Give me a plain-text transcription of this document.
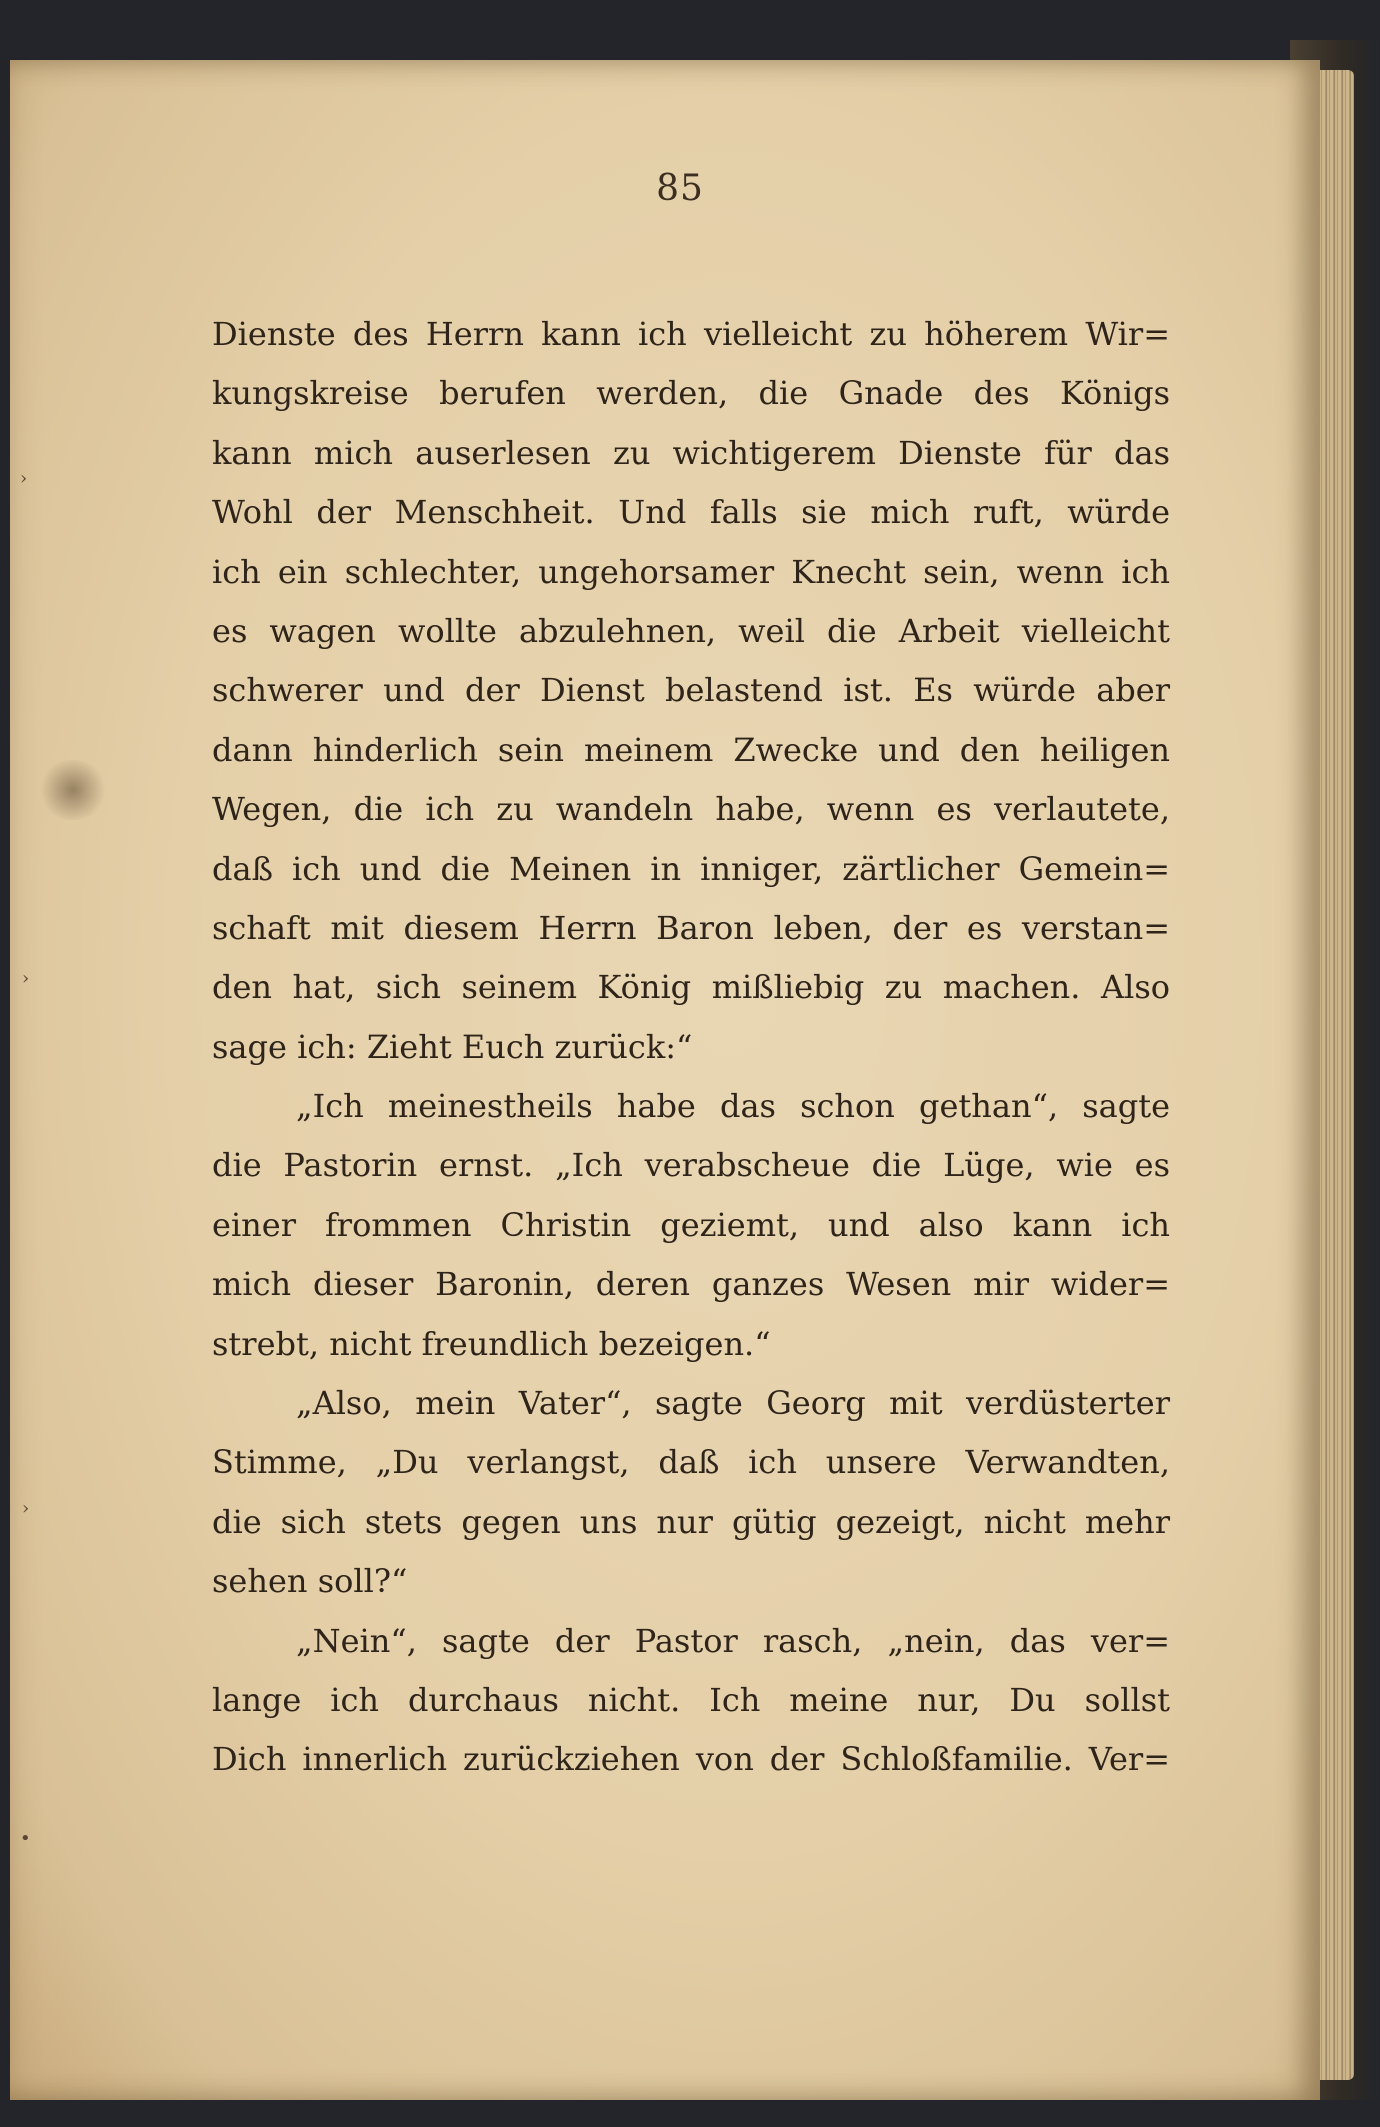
›
›
›
•
85
Dienste des Herrn kann ich vielleicht zu höherem Wir=
kungskreise berufen werden, die Gnade des Königs
kann mich auserlesen zu wichtigerem Dienste für das
Wohl der Menschheit. Und falls sie mich ruft, würde
ich ein schlechter, ungehorsamer Knecht sein, wenn ich
es wagen wollte abzulehnen, weil die Arbeit vielleicht
schwerer und der Dienst belastend ist. Es würde aber
dann hinderlich sein meinem Zwecke und den heiligen
Wegen, die ich zu wandeln habe, wenn es verlautete,
daß ich und die Meinen in inniger, zärtlicher Gemein=
schaft mit diesem Herrn Baron leben, der es verstan=
den hat, sich seinem König mißliebig zu machen. Also
sage ich: Zieht Euch zurück:“
„Ich meinestheils habe das schon gethan“, sagte
die Pastorin ernst. „Ich verabscheue die Lüge, wie es
einer frommen Christin geziemt, und also kann ich
mich dieser Baronin, deren ganzes Wesen mir wider=
strebt, nicht freundlich bezeigen.“
„Also, mein Vater“, sagte Georg mit verdüsterter
Stimme, „Du verlangst, daß ich unsere Verwandten,
die sich stets gegen uns nur gütig gezeigt, nicht mehr
sehen soll?“
„Nein“, sagte der Pastor rasch, „nein, das ver=
lange ich durchaus nicht. Ich meine nur, Du sollst
Dich innerlich zurückziehen von der Schloßfamilie. Ver=
